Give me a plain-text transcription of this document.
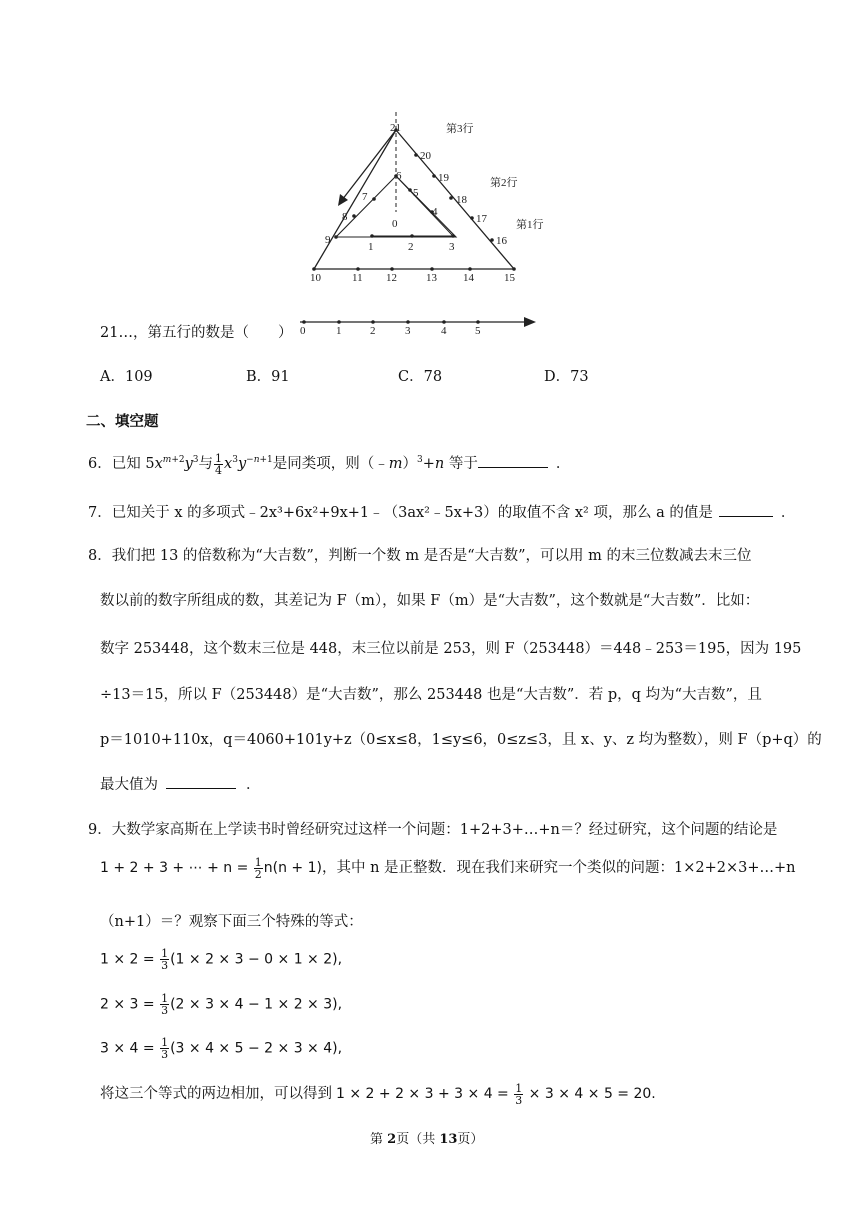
21
20
19
18
17
16
6
7
8
9
5
4
0
1	2	3
10	11 12	13 14	15
第3行
第2行
第1行
0	1	2	3	4	5
21…，第五行的数是（　　）
A．109	B．91	C．78	D．73
二、填空题
6．已知 $5x^{m+2}y^3$与 $\frac{1}{4} x^3y^{-n+1}$是同类项，则（﹣m）$^3$+n 等于	．
7．已知关于 x 的多项式﹣2x³+6x²+9x+1﹣（3ax²﹣5x+3）的取值不含 x² 项，那么 a 的值是	．
8．我们把 13 的倍数称为“大吉数”，判断一个数 m 是否是“大吉数”，可以用 m 的末三位数减去末三位
数以前的数字所组成的数，其差记为 F（m），如果 F（m）是“大吉数”，这个数就是“大吉数”．比如：
数字 253448，这个数末三位是 448，末三位以前是 253，则 F（253448）＝448﹣253＝195，因为 195
÷13＝15，所以 F（253448）是“大吉数”，那么 253448 也是“大吉数”．若 p，q 均为“大吉数”，且
p＝1010+110x，q＝4060+101y+z（0≤x≤8，1≤y≤6，0≤z≤3，且 x、y、z 均为整数），则 F（p+q）的
最大值为	．
9．大数学家高斯在上学读书时曾经研究过这样一个问题：1+2+3+…+n＝？经过研究，这个问题的结论是
1 + 2 + 3 + ⋯ + $n = \frac{1}{2} n(n + 1)$，其中 n 是正整数．现在我们来研究一个类似的问题：1×2+2×3+…+n
（n+1）＝？观察下面三个特殊的等式：
$1 \times 2 = \frac{1}{3} (1 \times 2 \times 3 - 0 \times 1 \times 2)$,
$2 \times 3 = \frac{1}{3} (2 \times 3 \times 4 - 1 \times 2 \times 3)$,
$3 \times 4 = \frac{1}{3} (3 \times 4 \times 5 - 2 \times 3 \times 4)$,
将这三个等式的两边相加，可以得到 $1 \times 2 + 2 \times 3 + 3 \times 4 = \frac{1}{3} \times 3 \times 4 \times 5 = 20$.
第 2页（共 13页）
